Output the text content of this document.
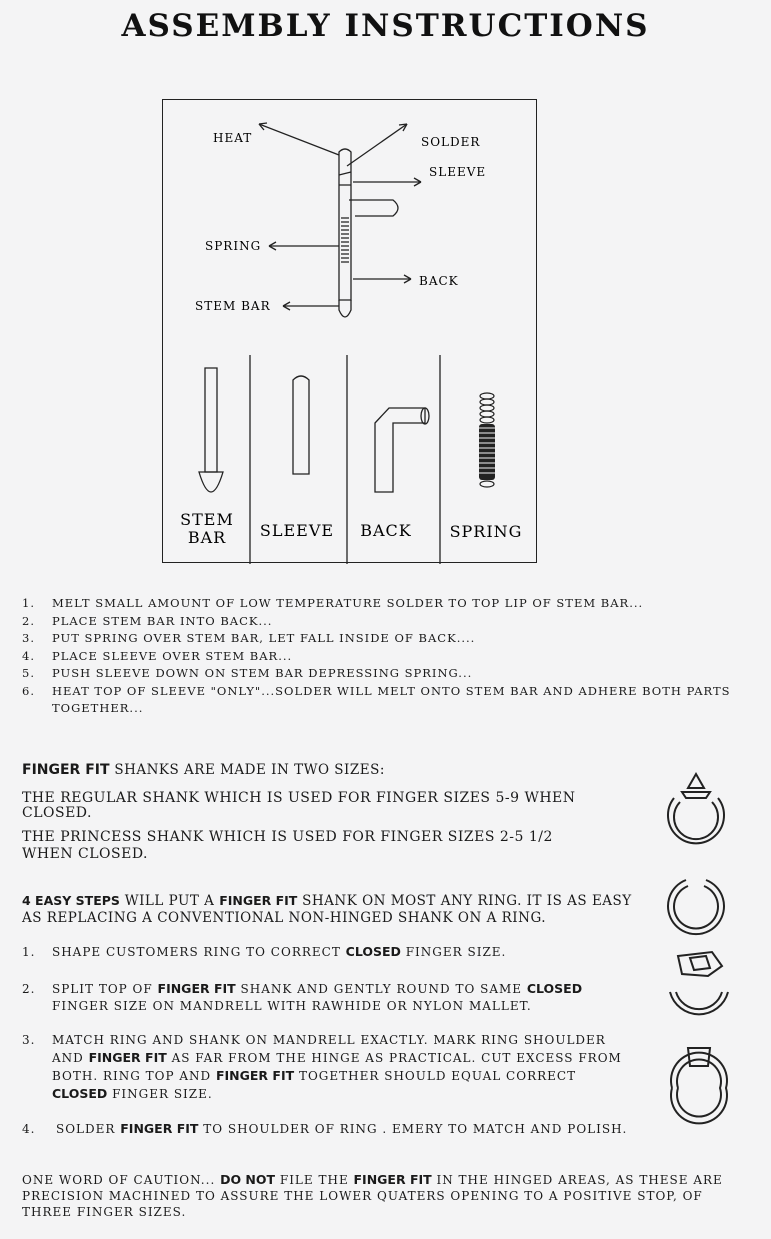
ASSEMBLY INSTRUCTIONS
HEAT	SOLDER
SLEEVE
SPRING
BACK
STEM BAR
STEM
BAR SLEEVE BACK SPRING
1.	MELT SMALL AMOUNT OF LOW TEMPERATURE SOLDER TO TOP LIP OF STEM BAR...
2.	PLACE STEM BAR INTO BACK...
3.	PUT SPRING OVER STEM BAR, LET FALL INSIDE OF BACK....
4.	PLACE SLEEVE OVER STEM BAR...
5.	PUSH SLEEVE DOWN ON STEM BAR DEPRESSING SPRING...
6.	HEAT TOP OF SLEEVE "ONLY"...SOLDER WILL MELT ONTO STEM BAR AND ADHERE BOTH PARTS TOGETHER...
FINGER FIT SHANKS ARE MADE IN TWO SIZES:
THE REGULAR SHANK WHICH IS USED FOR FINGER SIZES 5-9 WHEN CLOSED.
THE PRINCESS SHANK WHICH IS USED FOR FINGER SIZES 2-5 1/2 WHEN CLOSED.
4 EASY STEPS WILL PUT A FINGER FIT SHANK ON MOST ANY RING. IT IS AS EASY AS REPLACING A CONVENTIONAL NON-HINGED SHANK ON A RING.
1. SHAPE CUSTOMERS RING TO CORRECT CLOSED FINGER SIZE.
2. SPLIT TOP OF FINGER FIT SHANK AND GENTLY ROUND TO SAME CLOSED FINGER SIZE ON MANDRELL WITH RAWHIDE OR NYLON MALLET.
3. MATCH RING AND SHANK ON MANDRELL EXACTLY. MARK RING SHOULDER AND FINGER FIT AS FAR FROM THE HINGE AS PRACTICAL. CUT EXCESS FROM BOTH. RING TOP AND FINGER FIT TOGETHER SHOULD EQUAL CORRECT CLOSED FINGER SIZE.
4. SOLDER FINGER FIT TO SHOULDER OF RING . EMERY TO MATCH AND POLISH.
ONE WORD OF CAUTION... DO NOT FILE THE FINGER FIT IN THE HINGED AREAS, AS THESE ARE PRECISION MACHINED TO ASSURE THE LOWER QUATERS OPENING TO A POSITIVE STOP, OF THREE FINGER SIZES.
